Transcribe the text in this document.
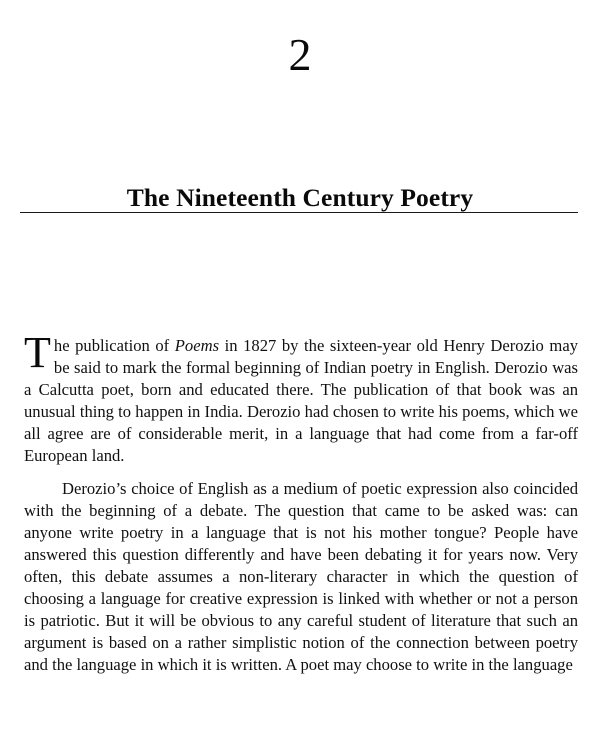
2
The Nineteenth Century Poetry

The publication of Poems in 1827 by the sixteen-year old Henry Derozio may be said to mark the formal beginning of Indian poetry in English. Derozio was a Calcutta poet, born and educated there. The publication of that book was an unusual thing to happen in India. Derozio had chosen to write his poems, which we all agree are of considerable merit, in a language that had come from a far-off European land.

Derozio’s choice of English as a medium of poetic expression also coincided with the beginning of a debate. The question that came to be asked was: can anyone write poetry in a language that is not his mother tongue? People have answered this question differently and have been debating it for years now. Very often, this debate assumes a non-literary character in which the question of choosing a language for creative expression is linked with whether or not a person is patriotic. But it will be obvious to any careful student of literature that such an argument is based on a rather simplistic notion of the connection between poetry and the language in which it is written. A poet may choose to write in the language
